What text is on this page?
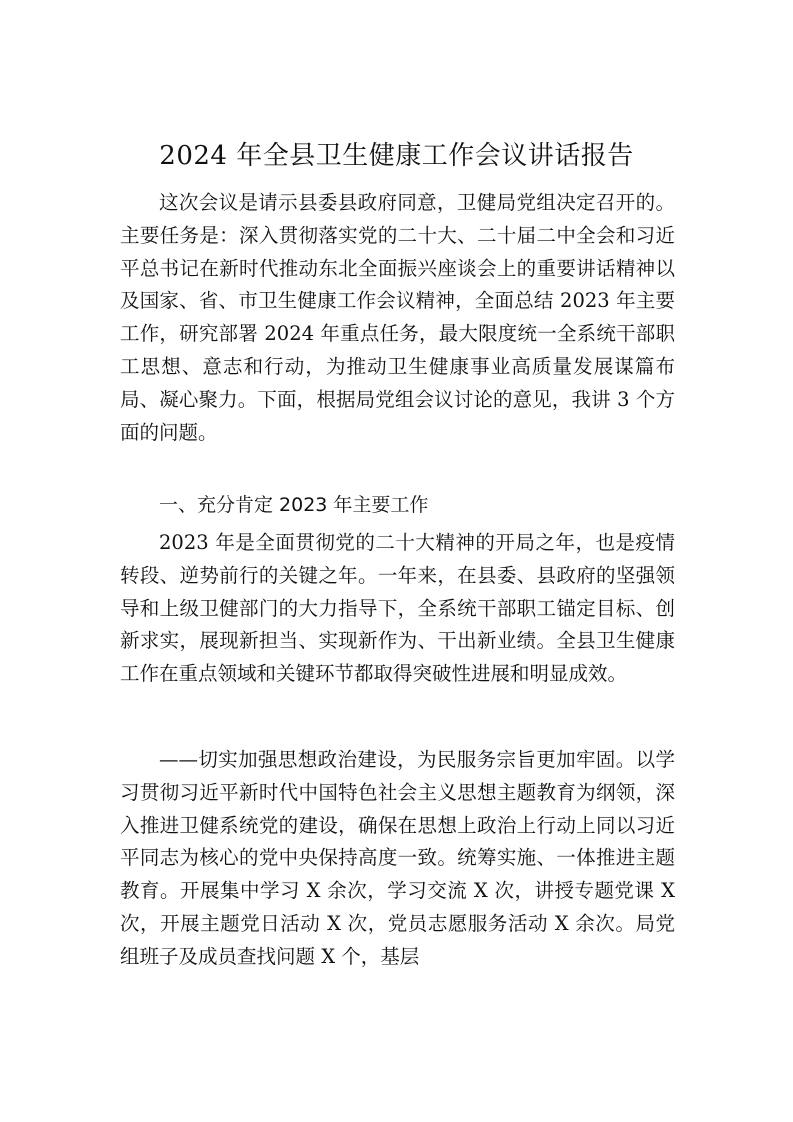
2024 年全县卫生健康工作会议讲话报告

这次会议是请示县委县政府同意，卫健局党组决定召开的。主要任务是：深入贯彻落实党的二十大、二十届二中全会和习近平总书记在新时代推动东北全面振兴座谈会上的重要讲话精神以及国家、省、市卫生健康工作会议精神，全面总结 2023 年主要工作，研究部署 2024 年重点任务，最大限度统一全系统干部职工思想、意志和行动，为推动卫生健康事业高质量发展谋篇布局、凝心聚力。下面，根据局党组会议讨论的意见，我讲 3 个方面的问题。

一、充分肯定 2023 年主要工作

2023 年是全面贯彻党的二十大精神的开局之年，也是疫情转段、逆势前行的关键之年。一年来，在县委、县政府的坚强领导和上级卫健部门的大力指导下，全系统干部职工锚定目标、创新求实，展现新担当、实现新作为、干出新业绩。全县卫生健康工作在重点领域和关键环节都取得突破性进展和明显成效。

——切实加强思想政治建设，为民服务宗旨更加牢固。以学习贯彻习近平新时代中国特色社会主义思想主题教育为纲领，深入推进卫健系统党的建设，确保在思想上政治上行动上同以习近平同志为核心的党中央保持高度一致。统筹实施、一体推进主题教育。开展集中学习 X 余次，学习交流 X 次，讲授专题党课 X 次，开展主题党日活动 X 次，党员志愿服务活动 X 余次。局党组班子及成员查找问题 X 个，基层
